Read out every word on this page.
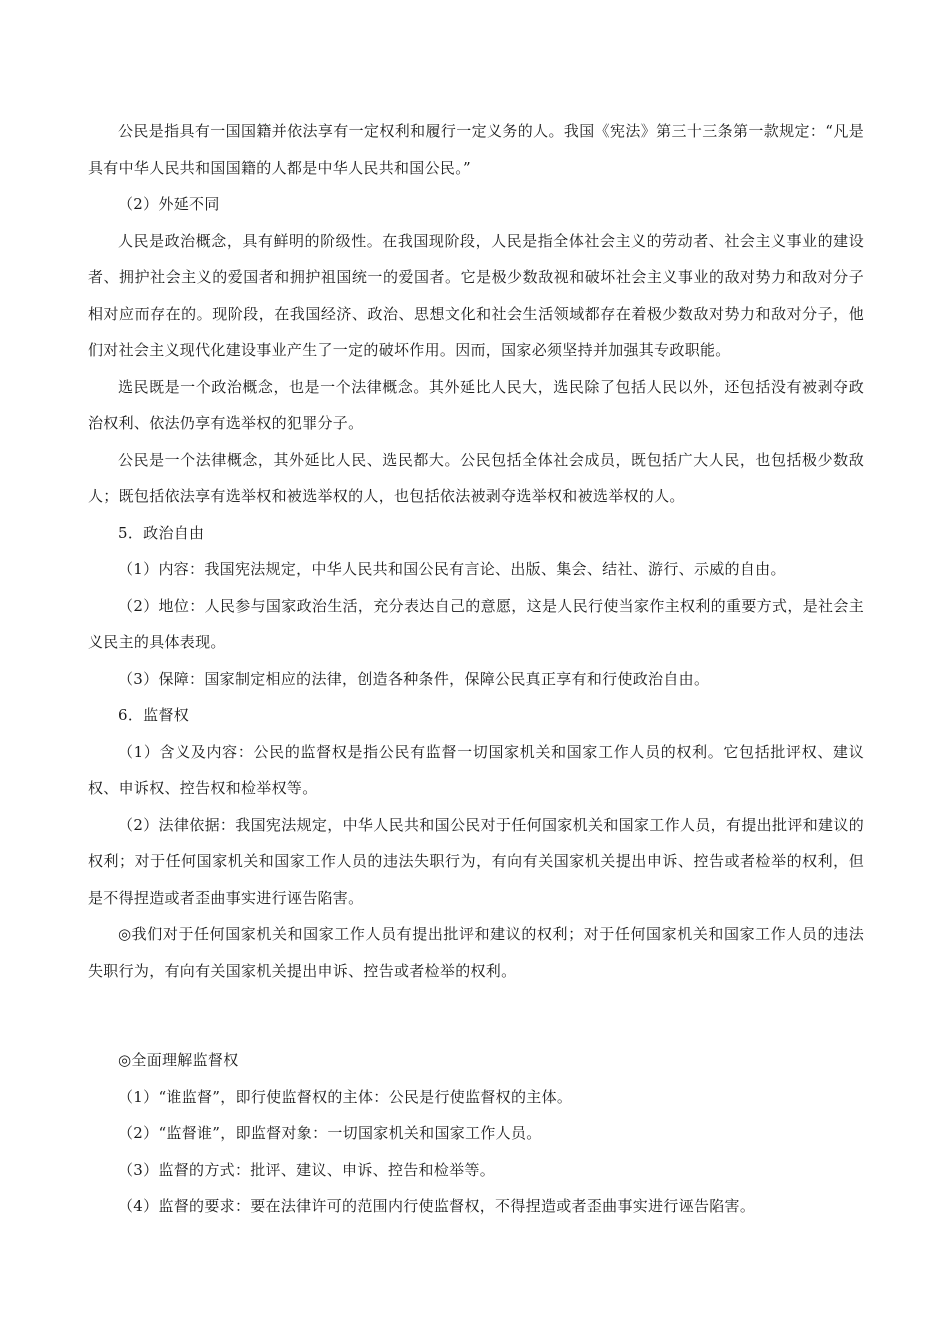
公民是指具有一国国籍并依法享有一定权利和履行一定义务的人。我国《宪法》第三十三条第一款规定：“凡是具有中华人民共和国国籍的人都是中华人民共和国公民。”

（2）外延不同

人民是政治概念，具有鲜明的阶级性。在我国现阶段，人民是指全体社会主义的劳动者、社会主义事业的建设者、拥护社会主义的爱国者和拥护祖国统一的爱国者。它是极少数敌视和破坏社会主义事业的敌对势力和敌对分子相对应而存在的。现阶段，在我国经济、政治、思想文化和社会生活领域都存在着极少数敌对势力和敌对分子，他们对社会主义现代化建设事业产生了一定的破坏作用。因而，国家必须坚持并加强其专政职能。

选民既是一个政治概念，也是一个法律概念。其外延比人民大，选民除了包括人民以外，还包括没有被剥夺政治权利、依法仍享有选举权的犯罪分子。

公民是一个法律概念，其外延比人民、选民都大。公民包括全体社会成员，既包括广大人民，也包括极少数敌人；既包括依法享有选举权和被选举权的人，也包括依法被剥夺选举权和被选举权的人。

5．政治自由

（1）内容：我国宪法规定，中华人民共和国公民有言论、出版、集会、结社、游行、示威的自由。

（2）地位：人民参与国家政治生活，充分表达自己的意愿，这是人民行使当家作主权利的重要方式，是社会主义民主的具体表现。

（3）保障：国家制定相应的法律，创造各种条件，保障公民真正享有和行使政治自由。

6．监督权

（1）含义及内容：公民的监督权是指公民有监督一切国家机关和国家工作人员的权利。它包括批评权、建议权、申诉权、控告权和检举权等。

（2）法律依据：我国宪法规定，中华人民共和国公民对于任何国家机关和国家工作人员，有提出批评和建议的权利；对于任何国家机关和国家工作人员的违法失职行为，有向有关国家机关提出申诉、控告或者检举的权利，但是不得捏造或者歪曲事实进行诬告陷害。

◎我们对于任何国家机关和国家工作人员有提出批评和建议的权利；对于任何国家机关和国家工作人员的违法失职行为，有向有关国家机关提出申诉、控告或者检举的权利。

◎全面理解监督权

（1）“谁监督”，即行使监督权的主体：公民是行使监督权的主体。

（2）“监督谁”，即监督对象：一切国家机关和国家工作人员。

（3）监督的方式：批评、建议、申诉、控告和检举等。

（4）监督的要求：要在法律许可的范围内行使监督权，不得捏造或者歪曲事实进行诬告陷害。
